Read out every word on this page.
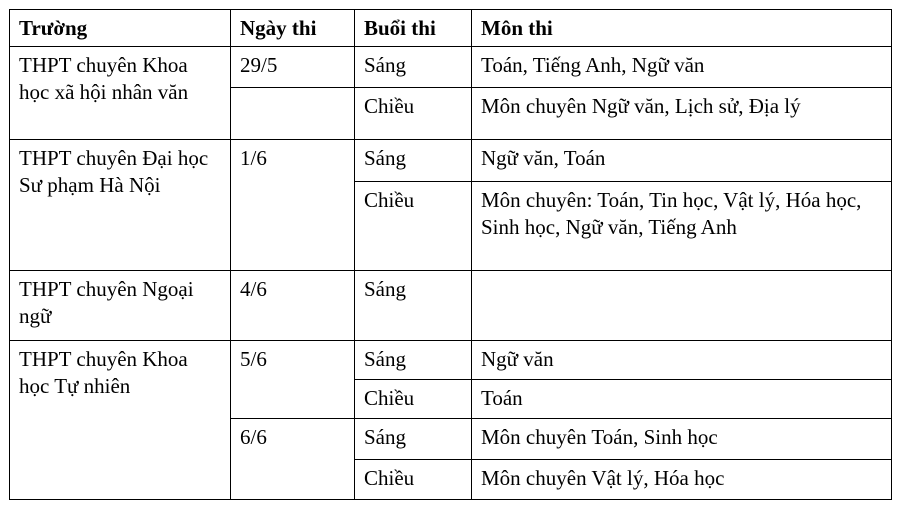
Trường	Ngày thi	Buổi thi	Môn thi
THPT chuyên Khoa học xã hội nhân văn	29/5	Sáng	Toán, Tiếng Anh, Ngữ văn
		Chiều	Môn chuyên Ngữ văn, Lịch sử, Địa lý
THPT chuyên Đại học Sư phạm Hà Nội	1/6	Sáng	Ngữ văn, Toán
		Chiều	Môn chuyên: Toán, Tin học, Vật lý, Hóa học, Sinh học, Ngữ văn, Tiếng Anh
THPT chuyên Ngoại ngữ	4/6	Sáng	
THPT chuyên Khoa học Tự nhiên	5/6	Sáng	Ngữ văn
		Chiều	Toán
	6/6	Sáng	Môn chuyên Toán, Sinh học
		Chiều	Môn chuyên Vật lý, Hóa học
